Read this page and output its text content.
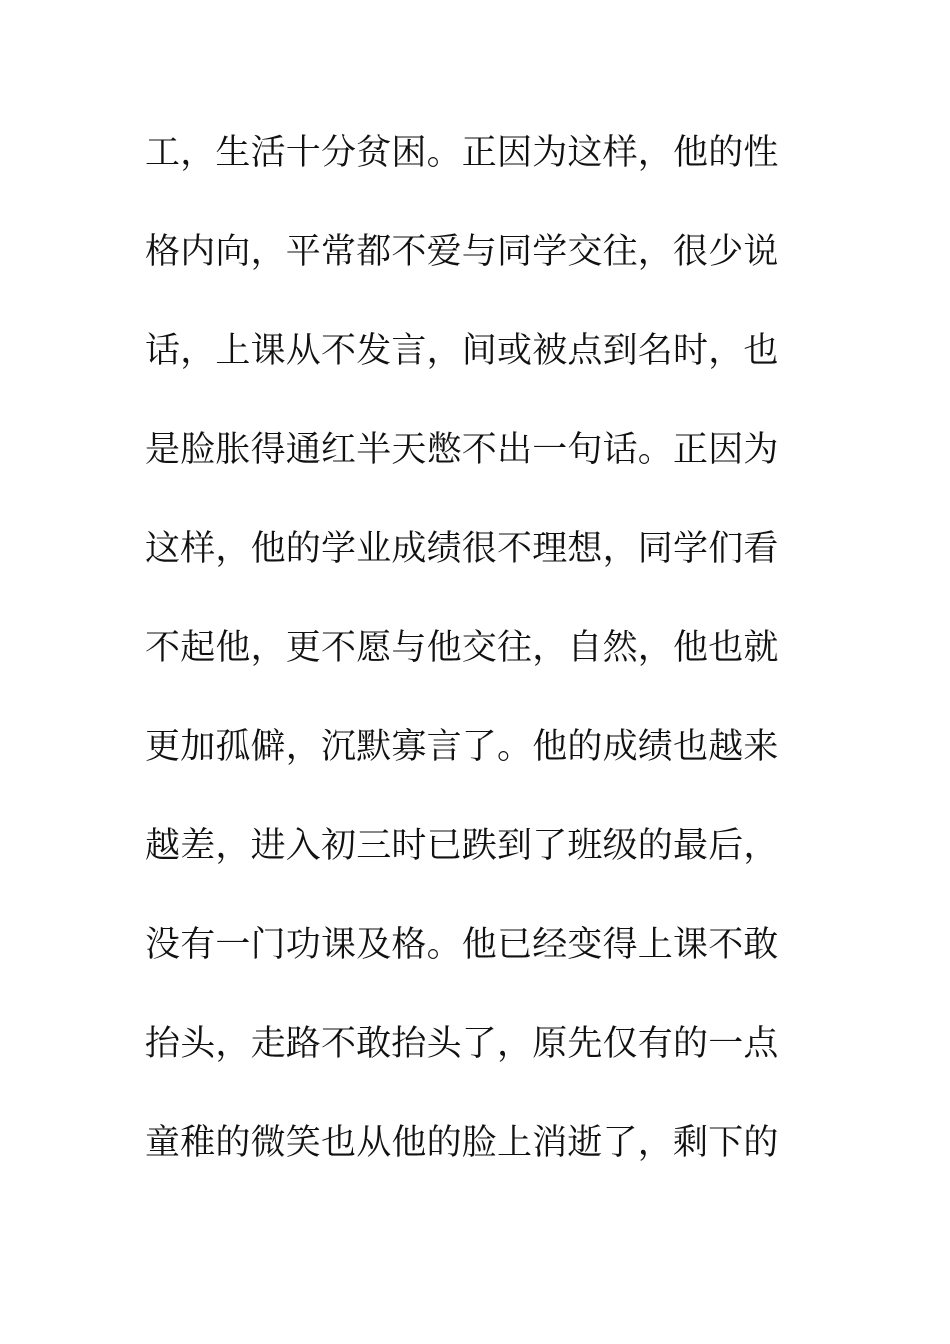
工，生活十分贫困。正因为这样，他的性
格内向，平常都不爱与同学交往，很少说
话，上课从不发言，间或被点到名时，也
是脸胀得通红半天憋不出一句话。正因为
这样，他的学业成绩很不理想，同学们看
不起他，更不愿与他交往，自然，他也就
更加孤僻，沉默寡言了。他的成绩也越来
越差，进入初三时已跌到了班级的最后，
没有一门功课及格。他已经变得上课不敢
抬头，走路不敢抬头了，原先仅有的一点
童稚的微笑也从他的脸上消逝了，剩下的
